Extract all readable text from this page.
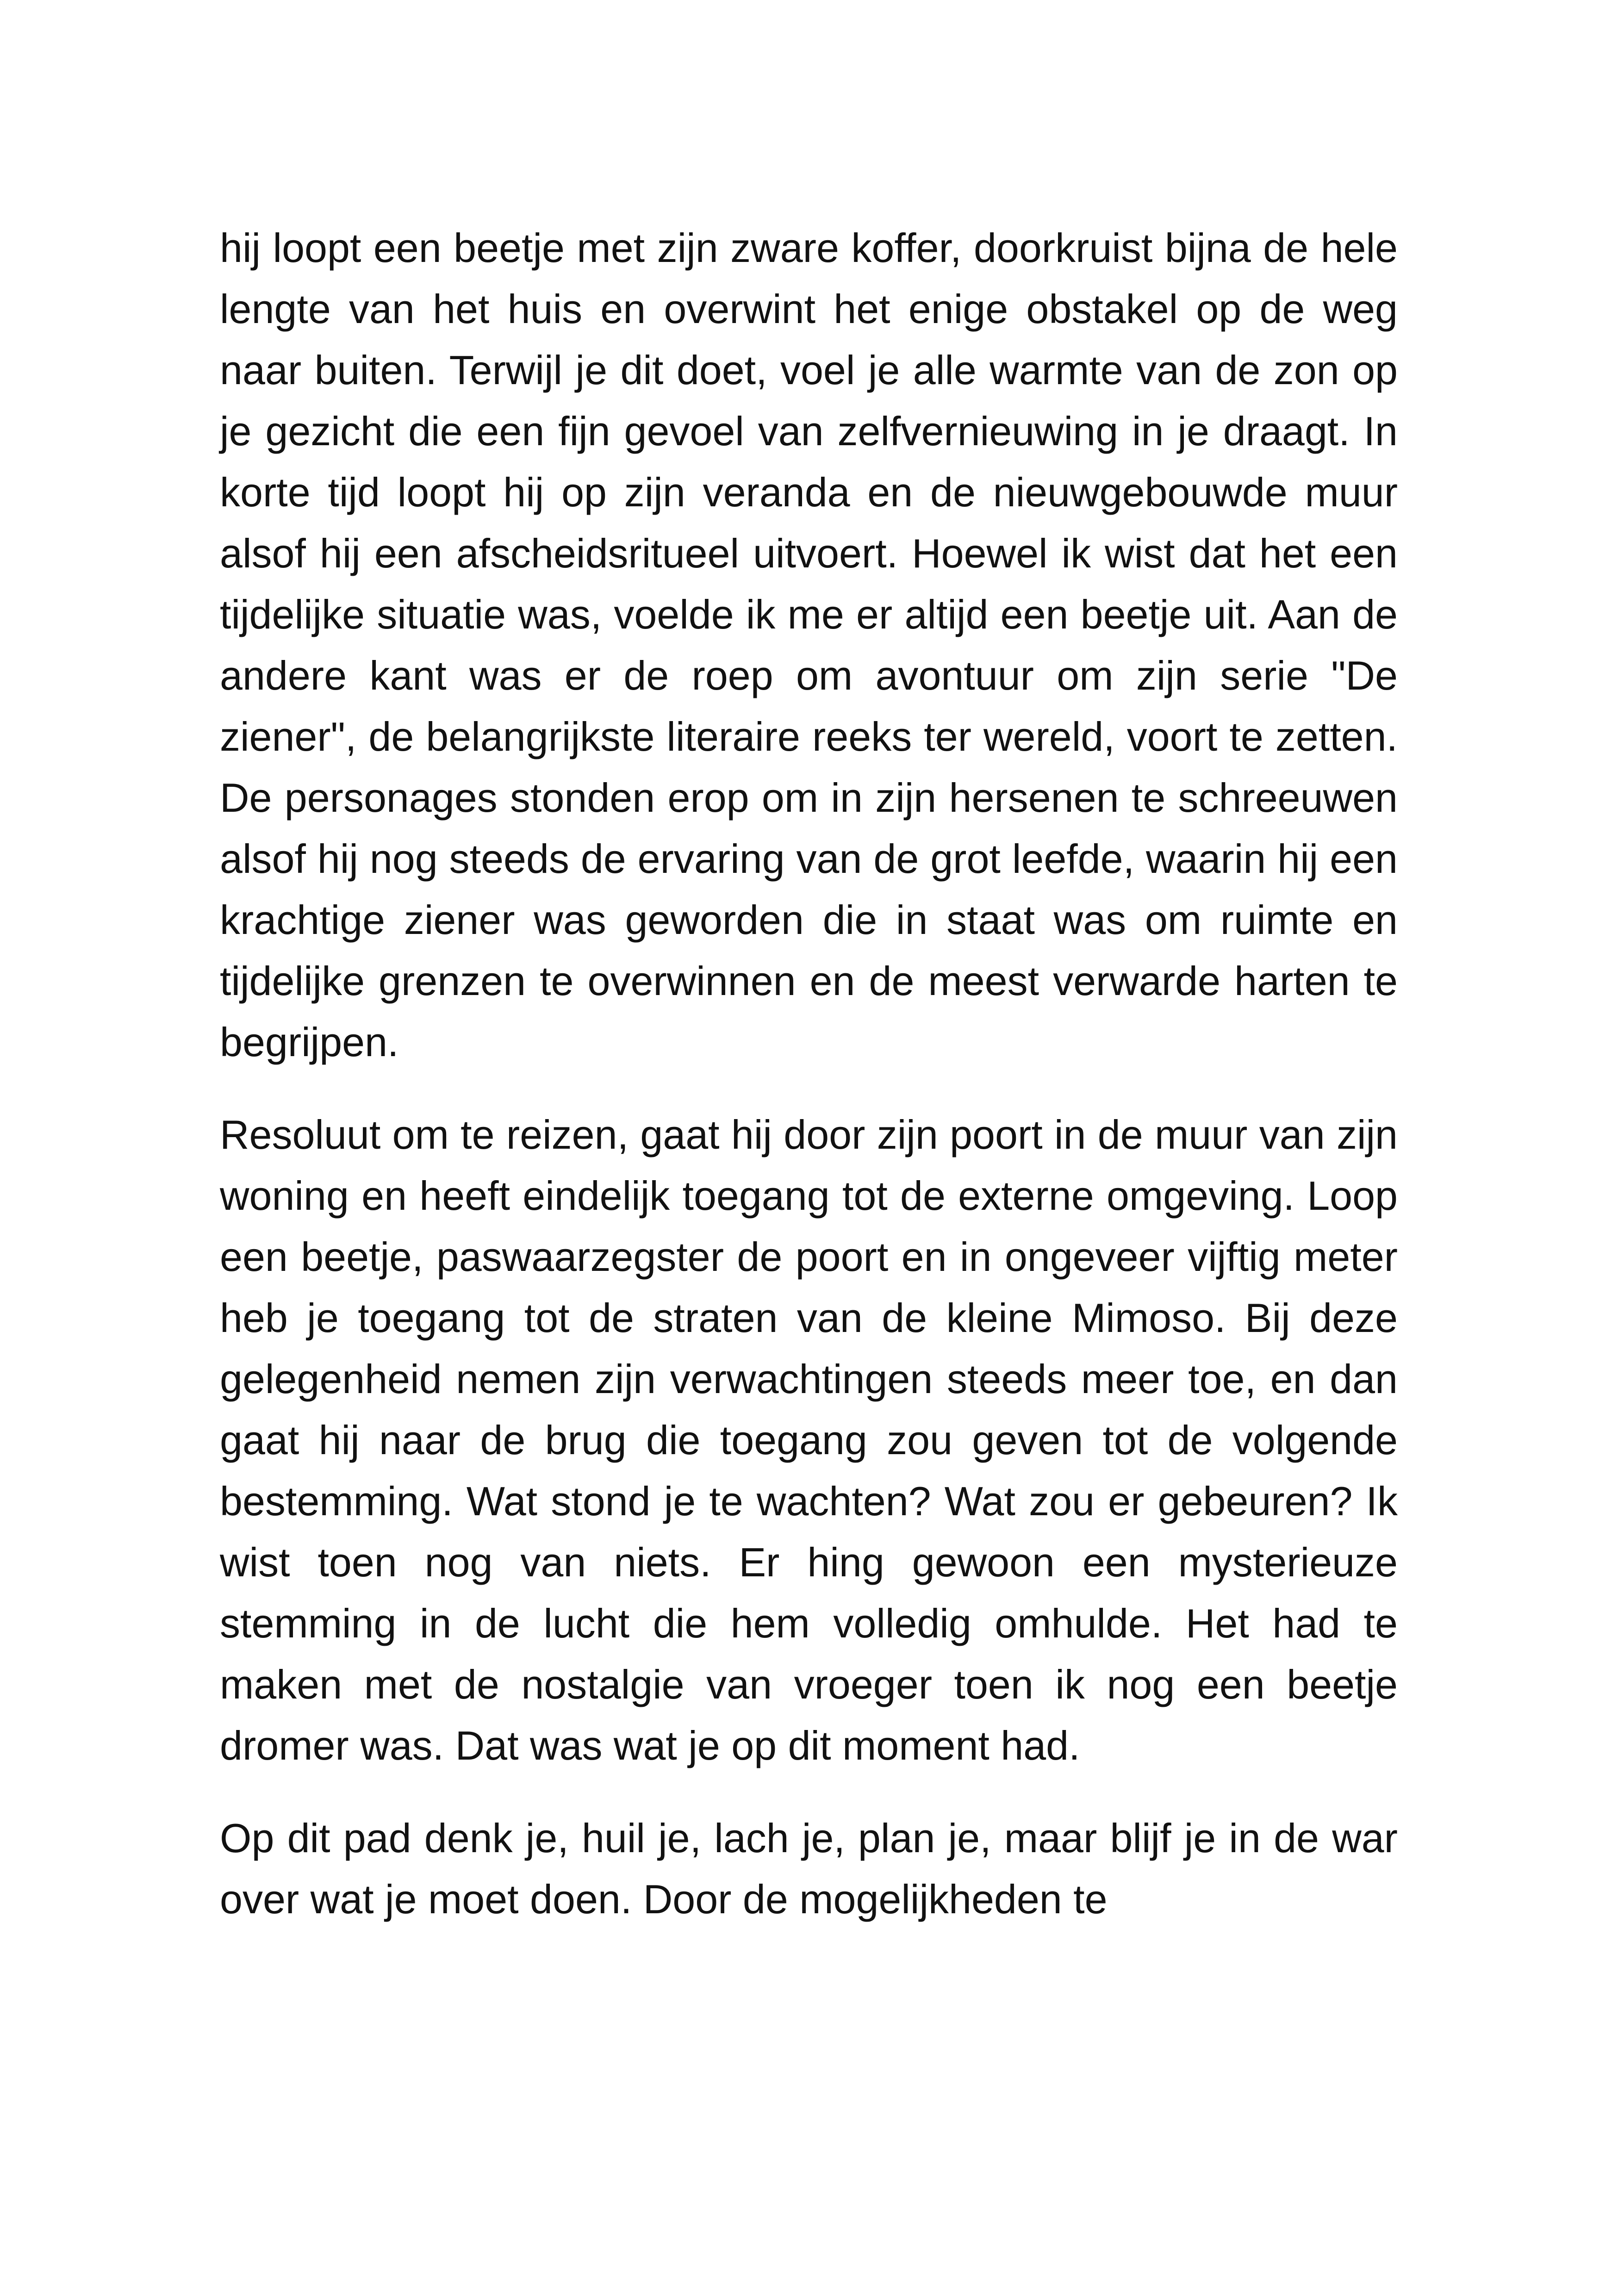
hij loopt een beetje met zijn zware koffer, doorkruist bijna de hele lengte van het huis en overwint het enige obstakel op de weg naar buiten. Terwijl je dit doet, voel je alle warmte van de zon op je gezicht die een fijn gevoel van zelfvernieuwing in je draagt. In korte tijd loopt hij op zijn veranda en de nieuwgebouwde muur alsof hij een afscheidsritueel uitvoert. Hoewel ik wist dat het een tijdelijke situatie was, voelde ik me er altijd een beetje uit. Aan de andere kant was er de roep om avontuur om zijn serie "De ziener", de belangrijkste literaire reeks ter wereld, voort te zetten. De personages stonden erop om in zijn hersenen te schreeuwen alsof hij nog steeds de ervaring van de grot leefde, waarin hij een krachtige ziener was geworden die in staat was om ruimte en tijdelijke grenzen te overwinnen en de meest verwarde harten te begrijpen.

Resoluut om te reizen, gaat hij door zijn poort in de muur van zijn woning en heeft eindelijk toegang tot de externe omgeving. Loop een beetje, paswaarzegster de poort en in ongeveer vijftig meter heb je toegang tot de straten van de kleine Mimoso. Bij deze gelegenheid nemen zijn verwachtingen steeds meer toe, en dan gaat hij naar de brug die toegang zou geven tot de volgende bestemming. Wat stond je te wachten? Wat zou er gebeuren? Ik wist toen nog van niets. Er hing gewoon een mysterieuze stemming in de lucht die hem volledig omhulde. Het had te maken met de nostalgie van vroeger toen ik nog een beetje dromer was. Dat was wat je op dit moment had.

Op dit pad denk je, huil je, lach je, plan je, maar blijf je in de war over wat je moet doen. Door de mogelijkheden te
